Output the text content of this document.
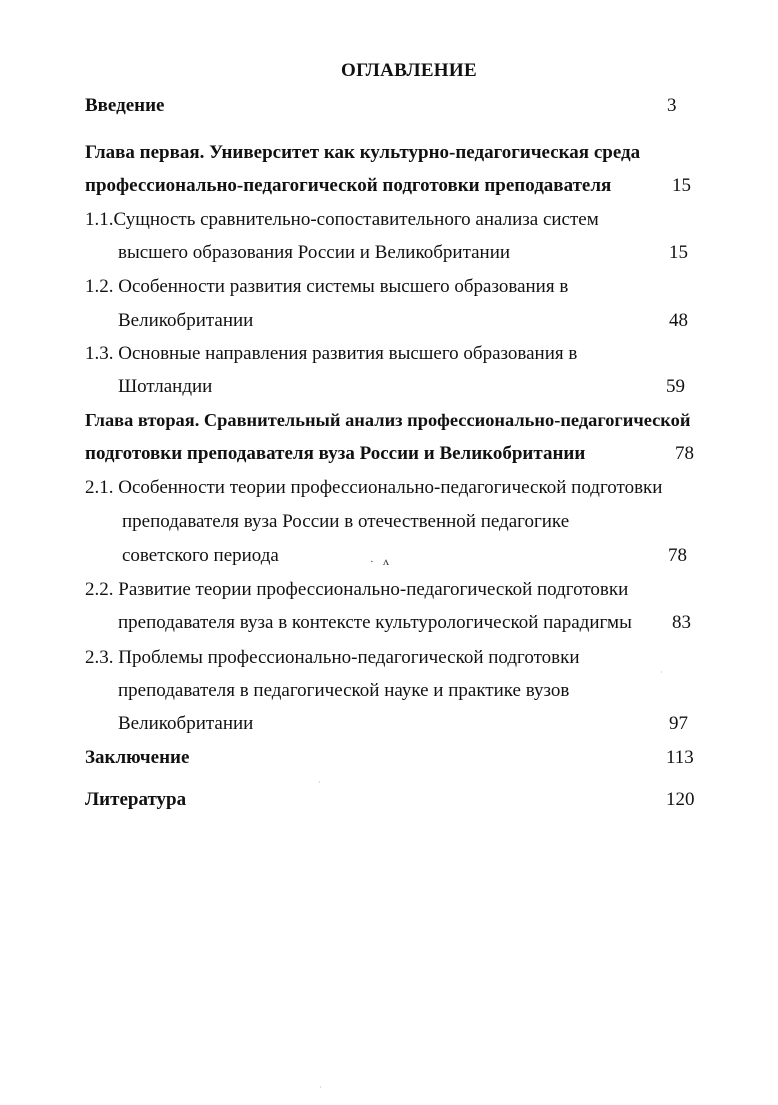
ОГЛАВЛЕНИЕ
Введение	3
Глава первая. Университет как культурно-педагогическая среда
профессионально-педагогической подготовки преподавателя	15
1.1.Сущность сравнительно-сопоставительного анализа систем
высшего образования России и Великобритании	15
1.2. Особенности развития системы высшего образования в
Великобритании	48
1.3. Основные направления развития высшего образования в
Шотландии	59
Глава вторая. Сравнительный анализ профессионально-педагогической
подготовки преподавателя вуза России и Великобритании	78
2.1. Особенности теории профессионально-педагогической подготовки
преподавателя вуза России в отечественной педагогике
советского периода	78
2.2. Развитие теории профессионально-педагогической подготовки
преподавателя вуза в контексте культурологической парадигмы 83
2.3. Проблемы профессионально-педагогической подготовки
преподавателя в педагогической науке и практике вузов
Великобритании	97
Заключение	113
Литература	120
· ʌ
·
·
·
